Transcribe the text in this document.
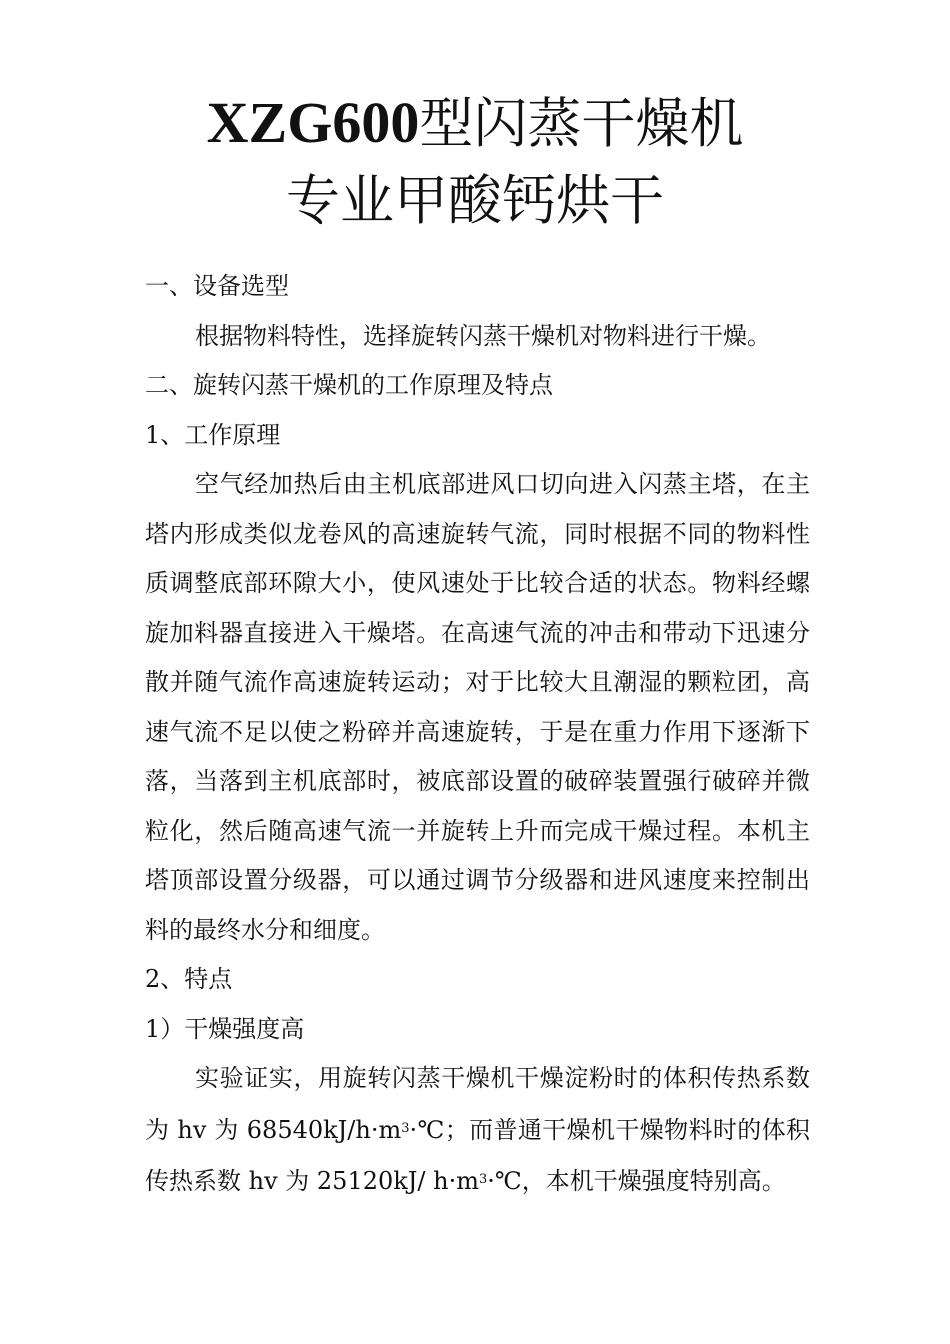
XZG600型闪蒸干燥机
专业甲酸钙烘干

一、设备选型

根据物料特性，选择旋转闪蒸干燥机对物料进行干燥。

二、旋转闪蒸干燥机的工作原理及特点

1、工作原理

空气经加热后由主机底部进风口切向进入闪蒸主塔，在主塔内形成类似龙卷风的高速旋转气流，同时根据不同的物料性质调整底部环隙大小，使风速处于比较合适的状态。物料经螺旋加料器直接进入干燥塔。在高速气流的冲击和带动下迅速分散并随气流作高速旋转运动；对于比较大且潮湿的颗粒团，高速气流不足以使之粉碎并高速旋转，于是在重力作用下逐渐下落，当落到主机底部时，被底部设置的破碎装置强行破碎并微粒化，然后随高速气流一并旋转上升而完成干燥过程。本机主塔顶部设置分级器，可以通过调节分级器和进风速度来控制出料的最终水分和细度。

2、特点

1）干燥强度高

实验证实，用旋转闪蒸干燥机干燥淀粉时的体积传热系数为 hv 为 $68540kJ/h\cdot m^3\cdot℃$；而普通干燥机干燥物料时的体积传热系数 hv 为 25120kJ/ $h\cdot m^3\cdot℃$，本机干燥强度特别高。
